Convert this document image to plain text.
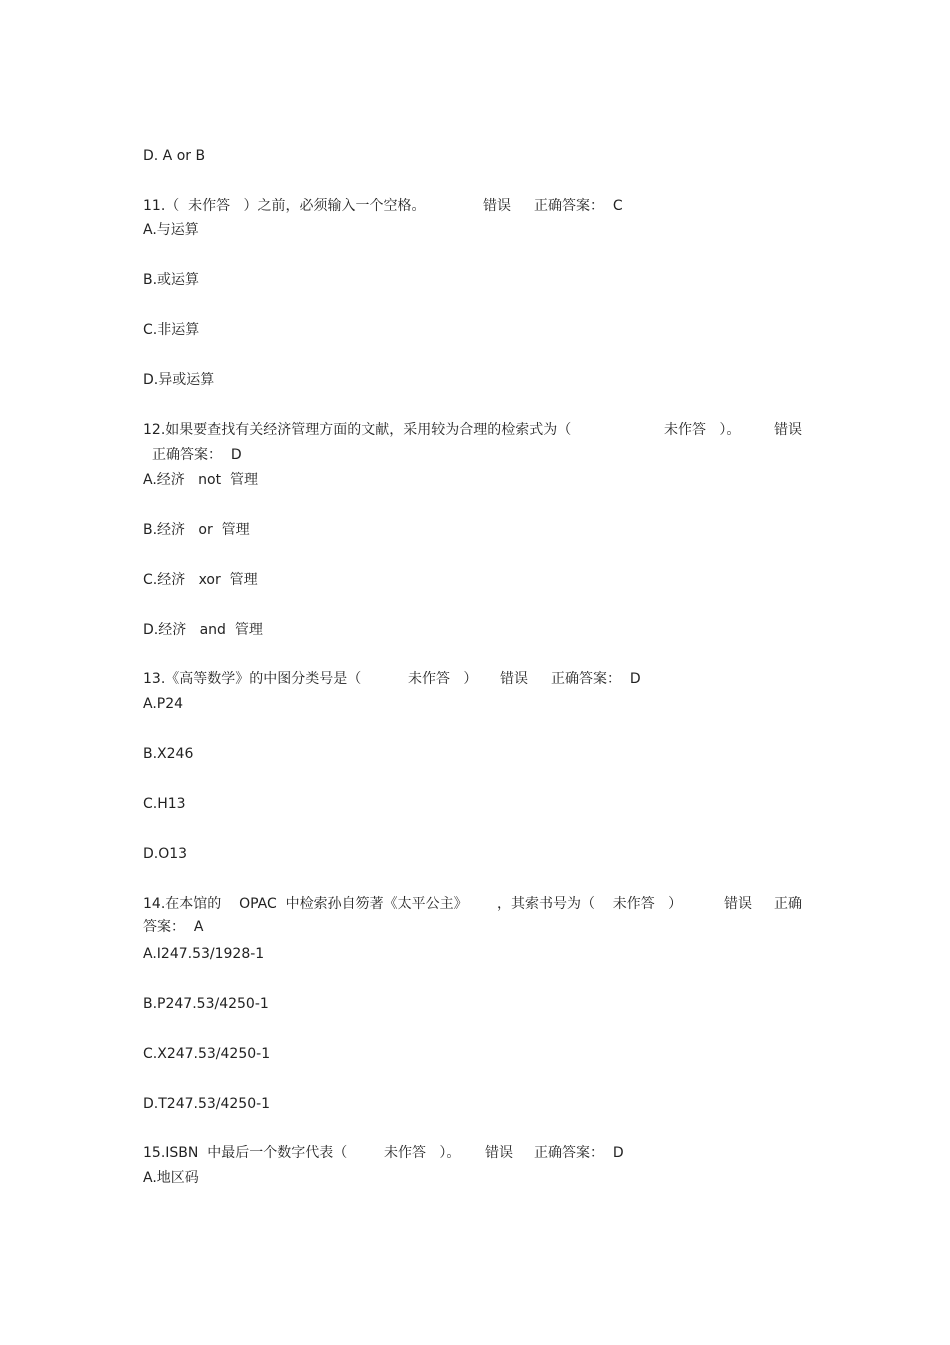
D. A or B
11.（  未作答   ）之前，必须输入一个空格。	错误 正确答案：  C
A.与运算
B.或运算
C.非运算
D.异或运算
12.如果要查找有关经济管理方面的文献，采用较为合理的检索式为（	未作答   ）。 错误
正确答案：  D
A.经济   not  管理
B.经济   or  管理
C.经济   xor  管理
D.经济   and  管理
13.《高等数学》的中图分类号是（	未作答   ） 错误 正确答案：  D
A.P24
B.X246
C.H13
D.O13
14.在本馆的    OPAC  中检索孙自笏著《太平公主》 ，其索书号为（    未作答   ）	错误 正确
答案：  A
A.I247.53/1928-1
B.P247.53/4250-1
C.X247.53/4250-1
D.T247.53/4250-1
15.ISBN  中最后一个数字代表（	未作答   ）。 错误 正确答案：  D
A.地区码
